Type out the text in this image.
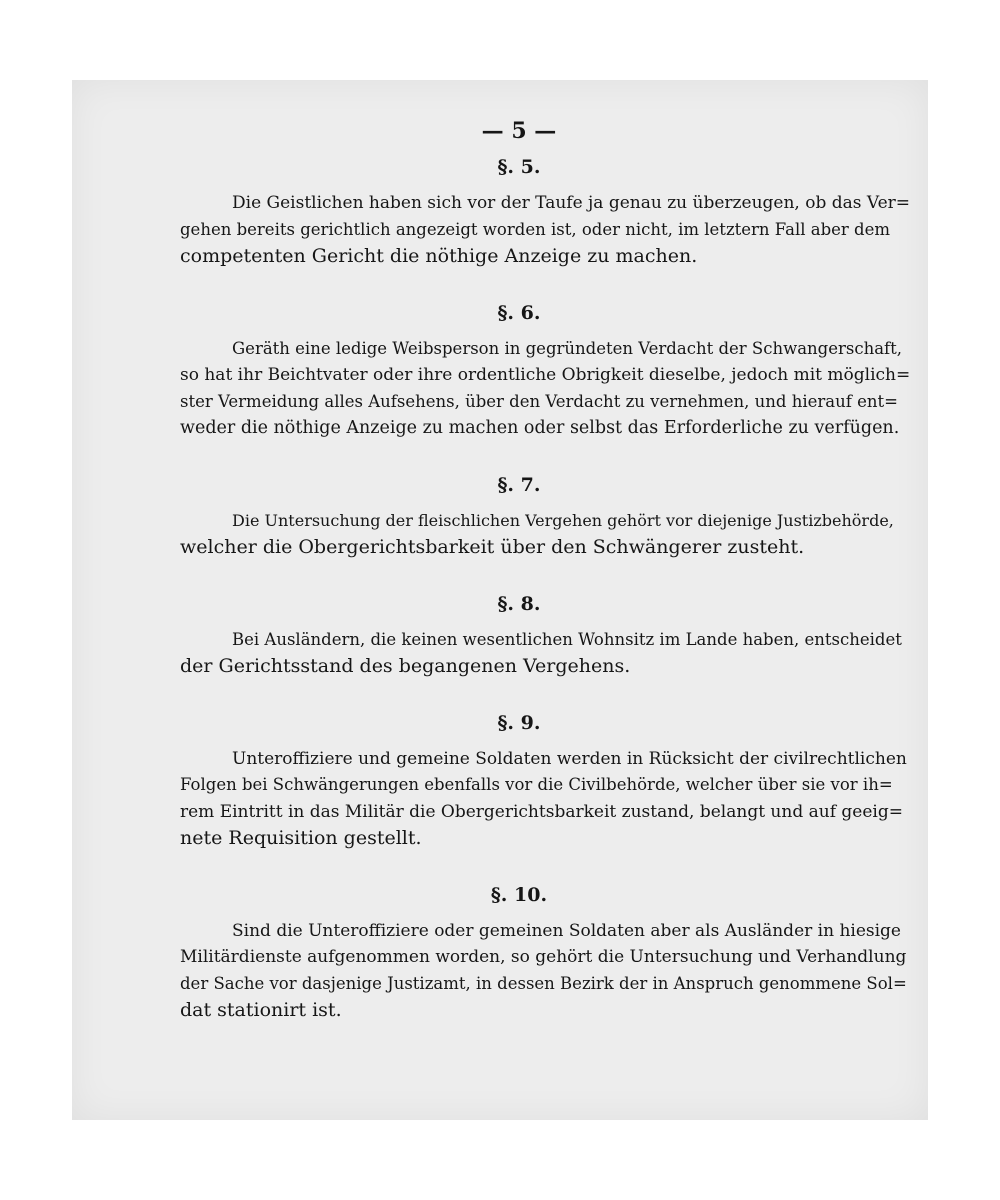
— 5 —
§. 5.

Die Geistlichen haben sich vor der Taufe ja genau zu überzeugen, ob das Ver=
gehen bereits gerichtlich angezeigt worden ist, oder nicht, im letztern Fall aber dem
competenten Gericht die nöthige Anzeige zu machen.

§. 6.

Geräth eine ledige Weibsperson in gegründeten Verdacht der Schwangerschaft,
so hat ihr Beichtvater oder ihre ordentliche Obrigkeit dieselbe, jedoch mit möglich=
ster Vermeidung alles Aufsehens, über den Verdacht zu vernehmen, und hierauf ent=
weder die nöthige Anzeige zu machen oder selbst das Erforderliche zu verfügen.

§. 7.

Die Untersuchung der fleischlichen Vergehen gehört vor diejenige Justizbehörde,
welcher die Obergerichtsbarkeit über den Schwängerer zusteht.

§. 8.

Bei Ausländern, die keinen wesentlichen Wohnsitz im Lande haben, entscheidet
der Gerichtsstand des begangenen Vergehens.

§. 9.

Unteroffiziere und gemeine Soldaten werden in Rücksicht der civilrechtlichen
Folgen bei Schwängerungen ebenfalls vor die Civilbehörde, welcher über sie vor ih=
rem Eintritt in das Militär die Obergerichtsbarkeit zustand, belangt und auf geeig=
nete Requisition gestellt.

§. 10.

Sind die Unteroffiziere oder gemeinen Soldaten aber als Ausländer in hiesige
Militärdienste aufgenommen worden, so gehört die Untersuchung und Verhandlung
der Sache vor dasjenige Justizamt, in dessen Bezirk der in Anspruch genommene Sol=
dat stationirt ist.
